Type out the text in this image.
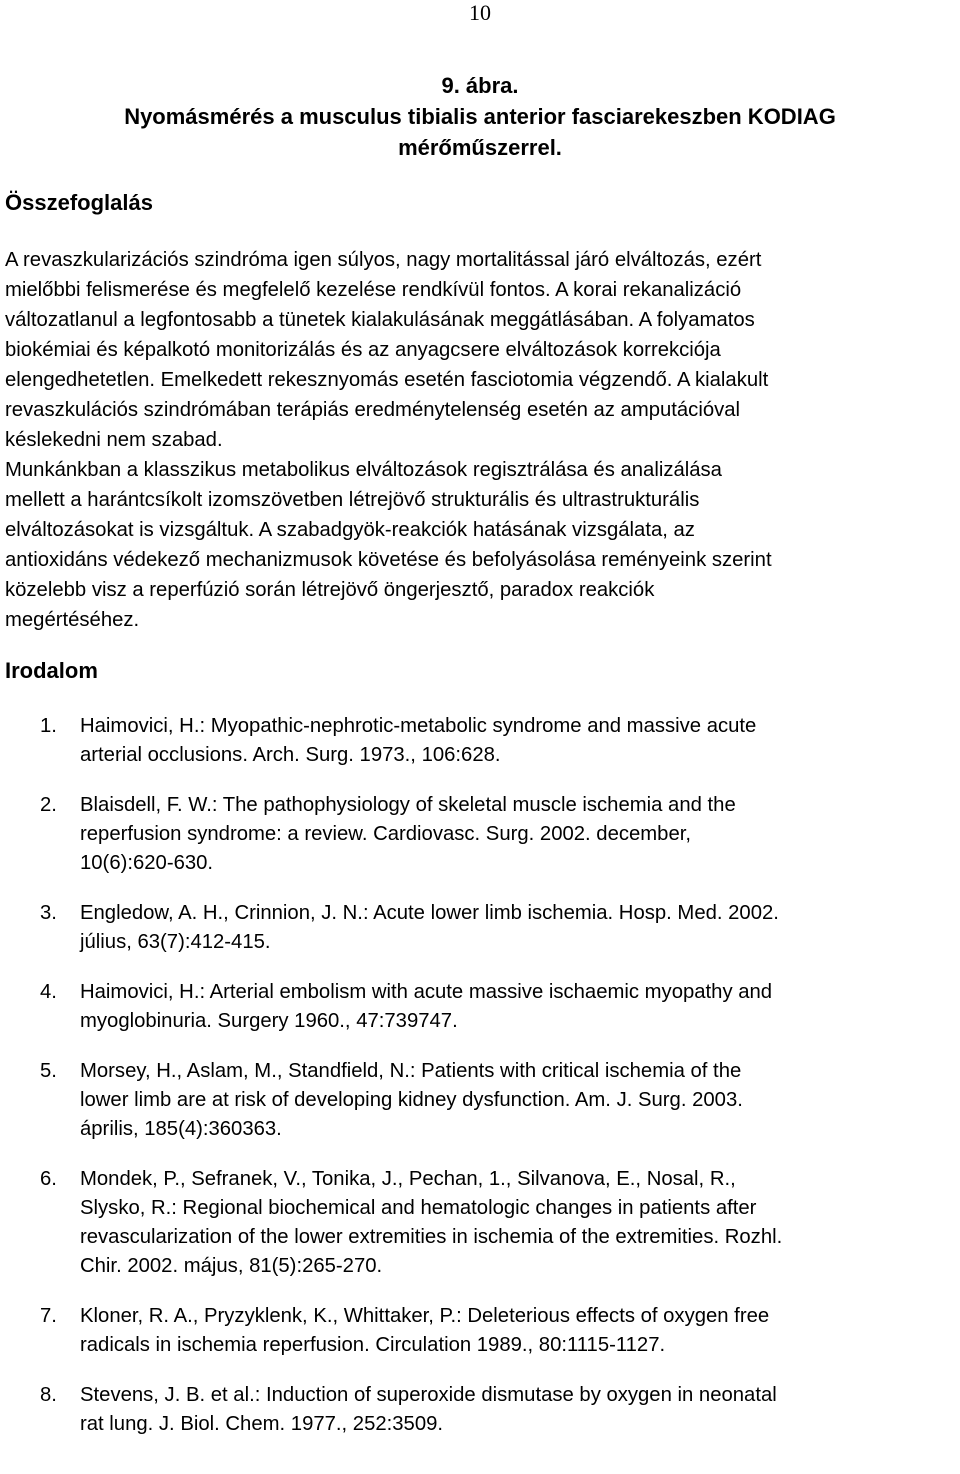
10
9. ábra.
Nyomásmérés a musculus tibialis anterior fasciarekeszben KODIAG
mérőműszerrel.
Összefoglalás
A revaszkularizációs szindróma igen súlyos, nagy mortalitással járó elváltozás, ezért
mielőbbi felismerése és megfelelő kezelése rendkívül fontos. A korai rekanalizáció
változatlanul a legfontosabb a tünetek kialakulásának meggátlásában. A folyamatos
biokémiai és képalkotó monitorizálás és az anyagcsere elváltozások korrekciója
elengedhetetlen. Emelkedett rekesznyomás esetén fasciotomia végzendő. A kialakult
revaszkulációs szindrómában terápiás eredménytelenség esetén az amputációval
késlekedni nem szabad.
Munkánkban a klasszikus metabolikus elváltozások regisztrálása és analizálása
mellett a harántcsíkolt izomszövetben létrejövő strukturális és ultrastrukturális
elváltozásokat is vizsgáltuk. A szabadgyök-reakciók hatásának vizsgálata, az
antioxidáns védekező mechanizmusok követése és befolyásolása reményeink szerint
közelebb visz a reperfúzió során létrejövő öngerjesztő, paradox reakciók
megértéséhez.
Irodalom
1. Haimovici, H.: Myopathic-nephrotic-metabolic syndrome and massive acute
arterial occlusions. Arch. Surg. 1973., 106:628.
2. Blaisdell, F. W.: The pathophysiology of skeletal muscle ischemia and the
reperfusion syndrome: a review. Cardiovasc. Surg. 2002. december,
10(6):620-630.
3. Engledow, A. H., Crinnion, J. N.: Acute lower limb ischemia. Hosp. Med. 2002.
július, 63(7):412-415.
4. Haimovici, H.: Arterial embolism with acute massive ischaemic myopathy and
myoglobinuria. Surgery 1960., 47:739747.
5. Morsey, H., Aslam, M., Standfield, N.: Patients with critical ischemia of the
lower limb are at risk of developing kidney dysfunction. Am. J. Surg. 2003.
április, 185(4):360363.
6. Mondek, P., Sefranek, V., Tonika, J., Pechan, 1., Silvanova, E., Nosal, R.,
Slysko, R.: Regional biochemical and hematologic changes in patients after
revascularization of the lower extremities in ischemia of the extremities. Rozhl.
Chir. 2002. május, 81(5):265-270.
7. Kloner, R. A., Pryzyklenk, K., Whittaker, P.: Deleterious effects of oxygen free
radicals in ischemia reperfusion. Circulation 1989., 80:1115-1127.
8. Stevens, J. B. et al.: Induction of superoxide dismutase by oxygen in neonatal
rat lung. J. Biol. Chem. 1977., 252:3509.
